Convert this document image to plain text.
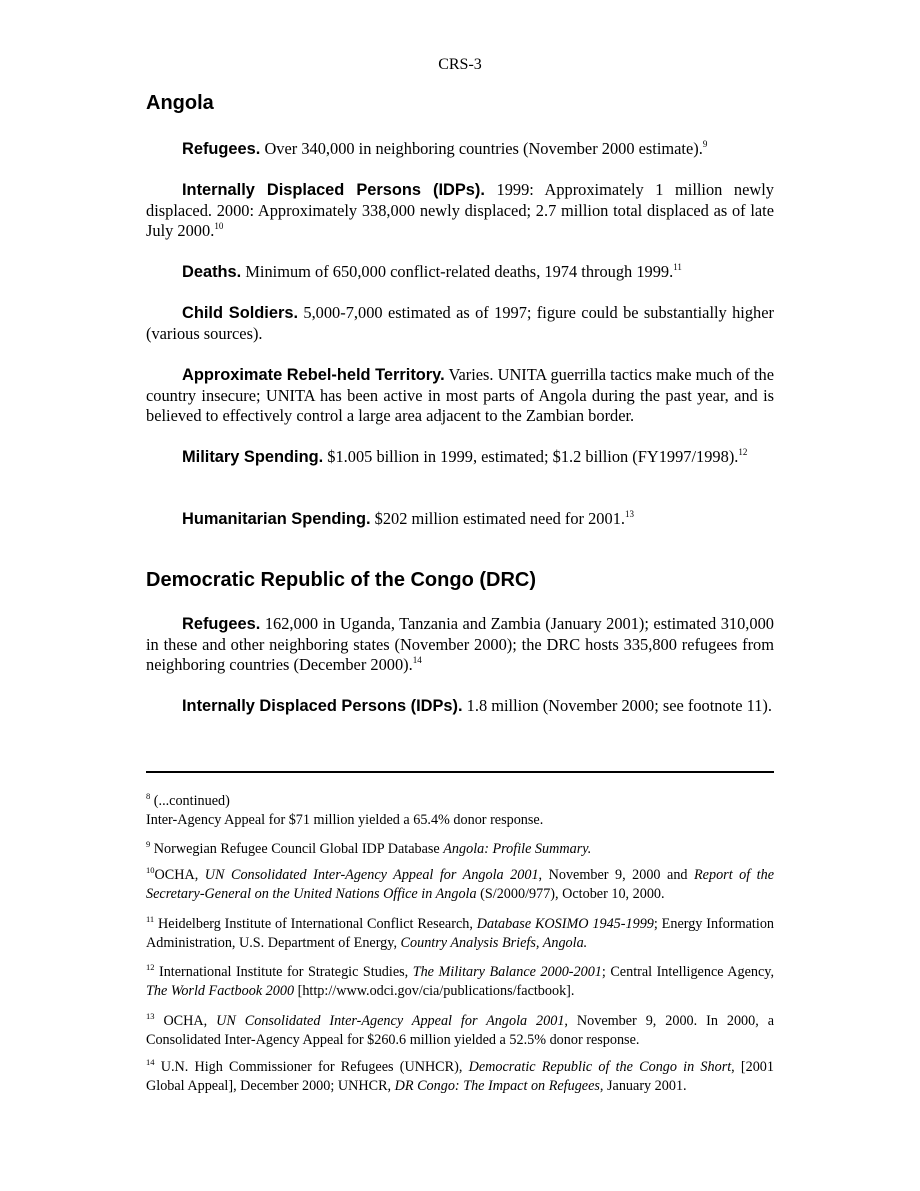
CRS-3
Angola

Refugees. Over 340,000 in neighboring countries (November 2000 estimate).$^9$

Internally Displaced Persons (IDPs). 1999: Approximately 1 million newly displaced. 2000: Approximately 338,000 newly displaced; 2.7 million total displaced as of late July 2000.10

Deaths. Minimum of 650,000 conflict-related deaths, 1974 through 1999.11

Child Soldiers. 5,000-7,000 estimated as of 1997; figure could be substantially higher (various sources).

Approximate Rebel-held Territory. Varies. UNITA guerrilla tactics make much of the country insecure; UNITA has been active in most parts of Angola during the past year, and is believed to effectively control a large area adjacent to the Zambian border.

Military Spending. $1.005 billion in 1999, estimated; $1.2 billion (FY1997/1998).$^{12}$

Humanitarian Spending. $202 million estimated need for 2001.13

Democratic Republic of the Congo (DRC)

Refugees. 162,000 in Uganda, Tanzania and Zambia (January 2001); estimated 310,000 in these and other neighboring states (November 2000); the DRC hosts 335,800 refugees from neighboring countries (December 2000).$^{14}$

Internally Displaced Persons (IDPs). 1.8 million (November 2000; see footnote 11).

$^8$ (...continued)
Inter-Agency Appeal for $71 million yielded a 65.4% donor response.

$^9$ Norwegian Refugee Council Global IDP Database Angola: Profile Summary.

$^{10}$OCHA, UN Consolidated Inter-Agency Appeal for Angola 2001, November 9, 2000 and Report of the Secretary-General on the United Nations Office in Angola (S/2000/977), October 10, 2000.

$^{11}$ Heidelberg Institute of International Conflict Research, Database KOSIMO 1945-1999; Energy Information Administration, U.S. Department of Energy, Country Analysis Briefs, Angola.

$^{12}$ International Institute for Strategic Studies, The Military Balance 2000-2001; Central Intelligence Agency, The World Factbook 2000 [http://www.odci.gov/cia/publications/factbook].

$^{13}$ OCHA, UN Consolidated Inter-Agency Appeal for Angola 2001, November 9, 2000. In 2000, a Consolidated Inter-Agency Appeal for $260.6 million yielded a 52.5% donor response.

$^{14}$ U.N. High Commissioner for Refugees (UNHCR), Democratic Republic of the Congo in Short, [2001 Global Appeal], December 2000; UNHCR, DR Congo: The Impact on Refugees, January 2001.
